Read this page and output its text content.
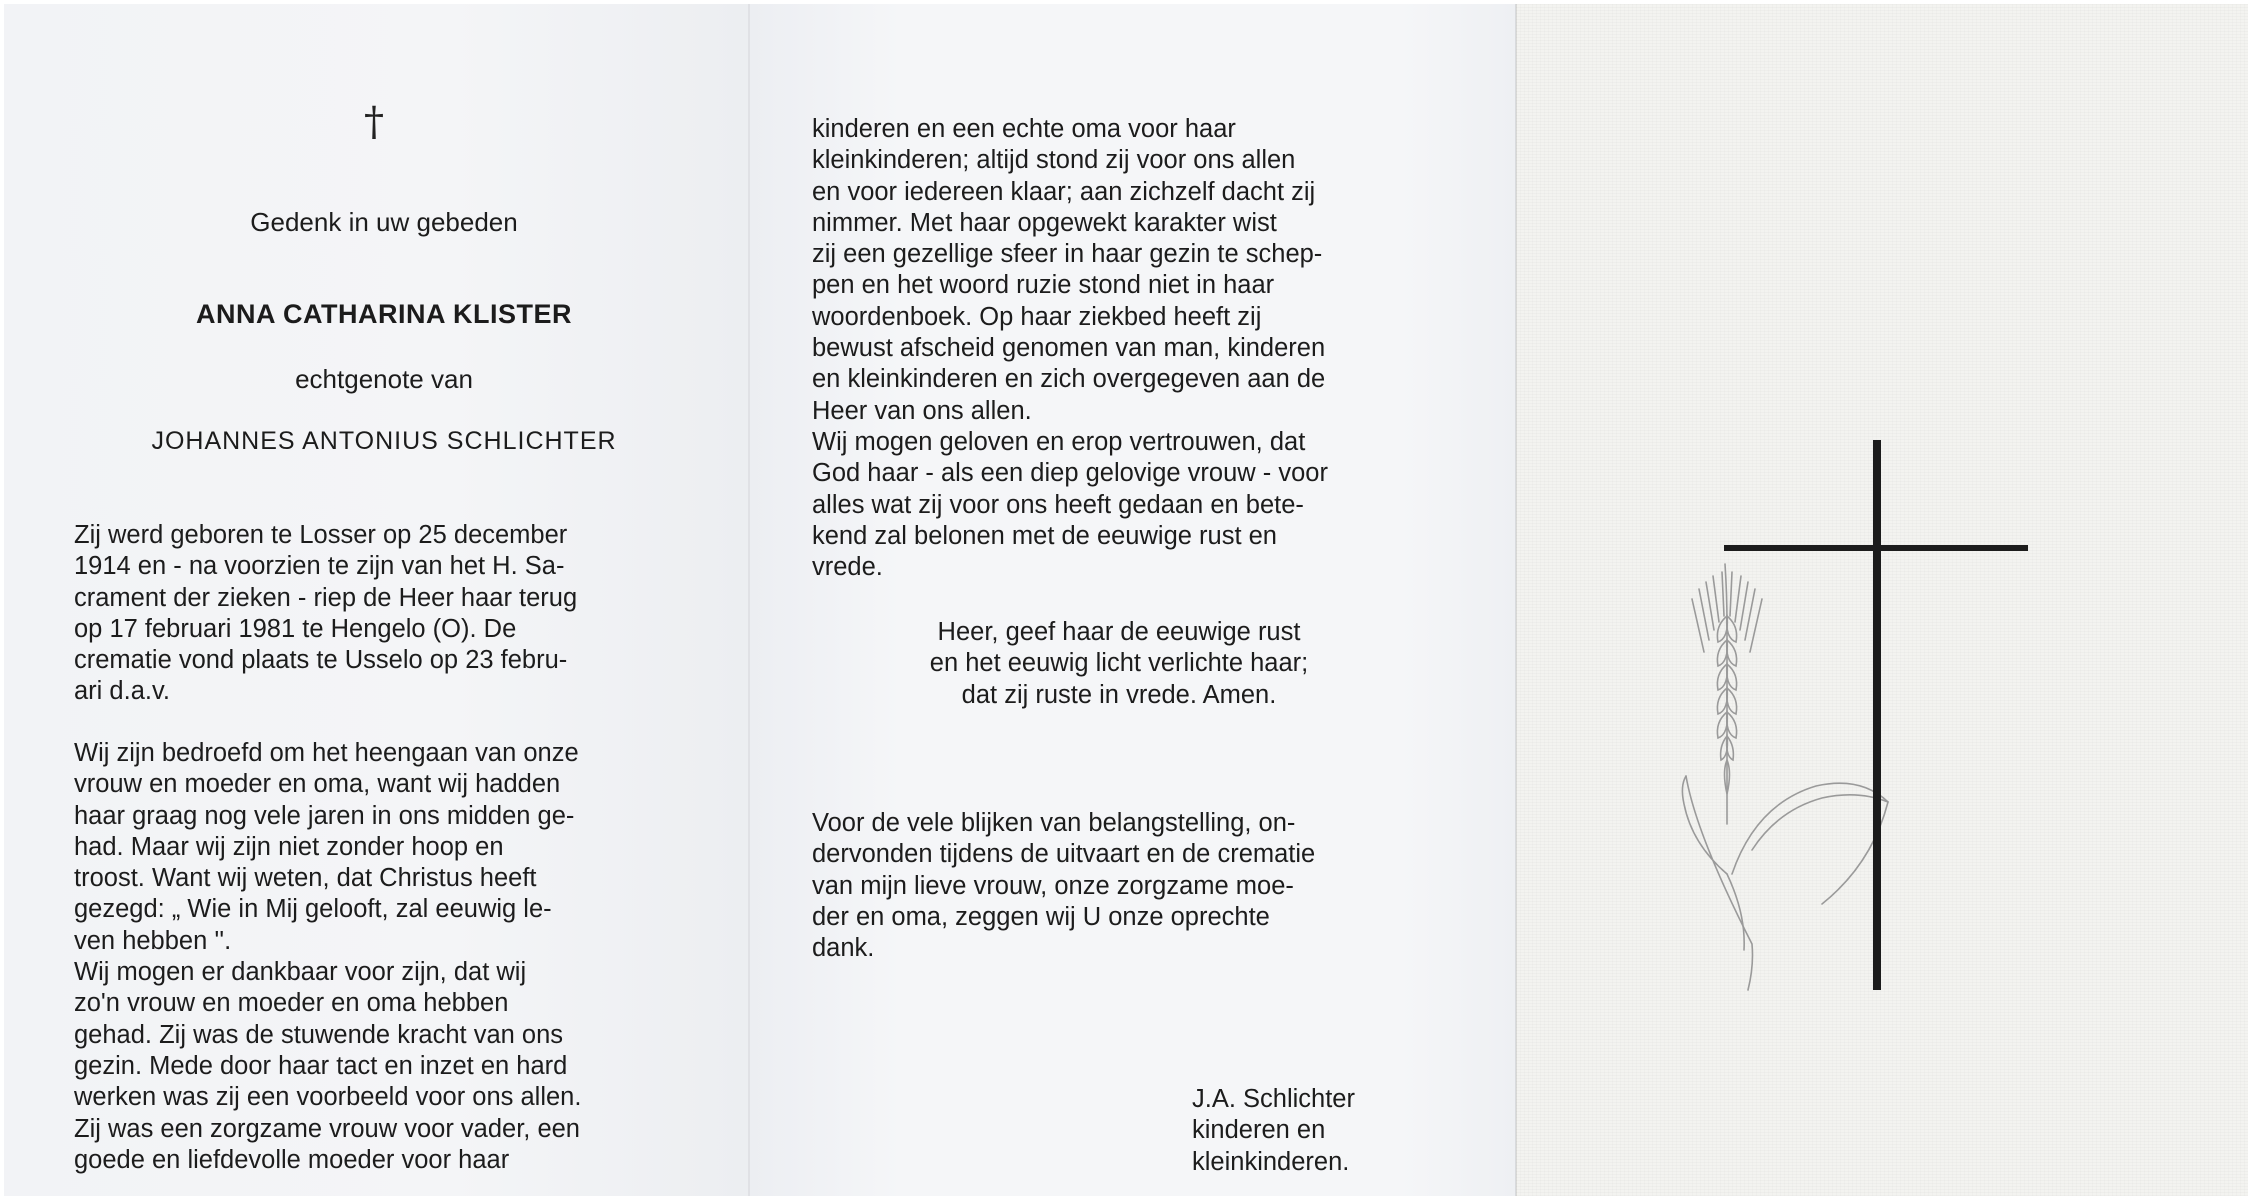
†
Gedenk in uw gebeden
ANNA CATHARINA KLISTER
echtgenote van
JOHANNES ANTONIUS SCHLICHTER

Zij werd geboren te Losser op 25 december
1914 en - na voorzien te zijn van het H. Sa-
crament der zieken - riep de Heer haar terug
op 17 februari 1981 te Hengelo (O). De
crematie vond plaats te Usselo op 23 febru-
ari d.a.v.

Wij zijn bedroefd om het heengaan van onze
vrouw en moeder en oma, want wij hadden
haar graag nog vele jaren in ons midden ge-
had. Maar wij zijn niet zonder hoop en
troost. Want wij weten, dat Christus heeft
gezegd: „ Wie in Mij gelooft, zal eeuwig le-
ven hebben ''.
Wij mogen er dankbaar voor zijn, dat wij
zo'n vrouw en moeder en oma hebben
gehad. Zij was de stuwende kracht van ons
gezin. Mede door haar tact en inzet en hard
werken was zij een voorbeeld voor ons allen.
Zij was een zorgzame vrouw voor vader, een
goede en liefdevolle moeder voor haar

kinderen en een echte oma voor haar
kleinkinderen; altijd stond zij voor ons allen
en voor iedereen klaar; aan zichzelf dacht zij
nimmer. Met haar opgewekt karakter wist
zij een gezellige sfeer in haar gezin te schep-
pen en het woord ruzie stond niet in haar
woordenboek. Op haar ziekbed heeft zij
bewust afscheid genomen van man, kinderen
en kleinkinderen en zich overgegeven aan de
Heer van ons allen.
Wij mogen geloven en erop vertrouwen, dat
God haar - als een diep gelovige vrouw - voor
alles wat zij voor ons heeft gedaan en bete-
kend zal belonen met de eeuwige rust en
vrede.

Heer, geef haar de eeuwige rust
en het eeuwig licht verlichte haar;
dat zij ruste in vrede. Amen.

Voor de vele blijken van belangstelling, on-
dervonden tijdens de uitvaart en de crematie
van mijn lieve vrouw, onze zorgzame moe-
der en oma, zeggen wij U onze oprechte
dank.

J.A. Schlichter
kinderen en
kleinkinderen.
